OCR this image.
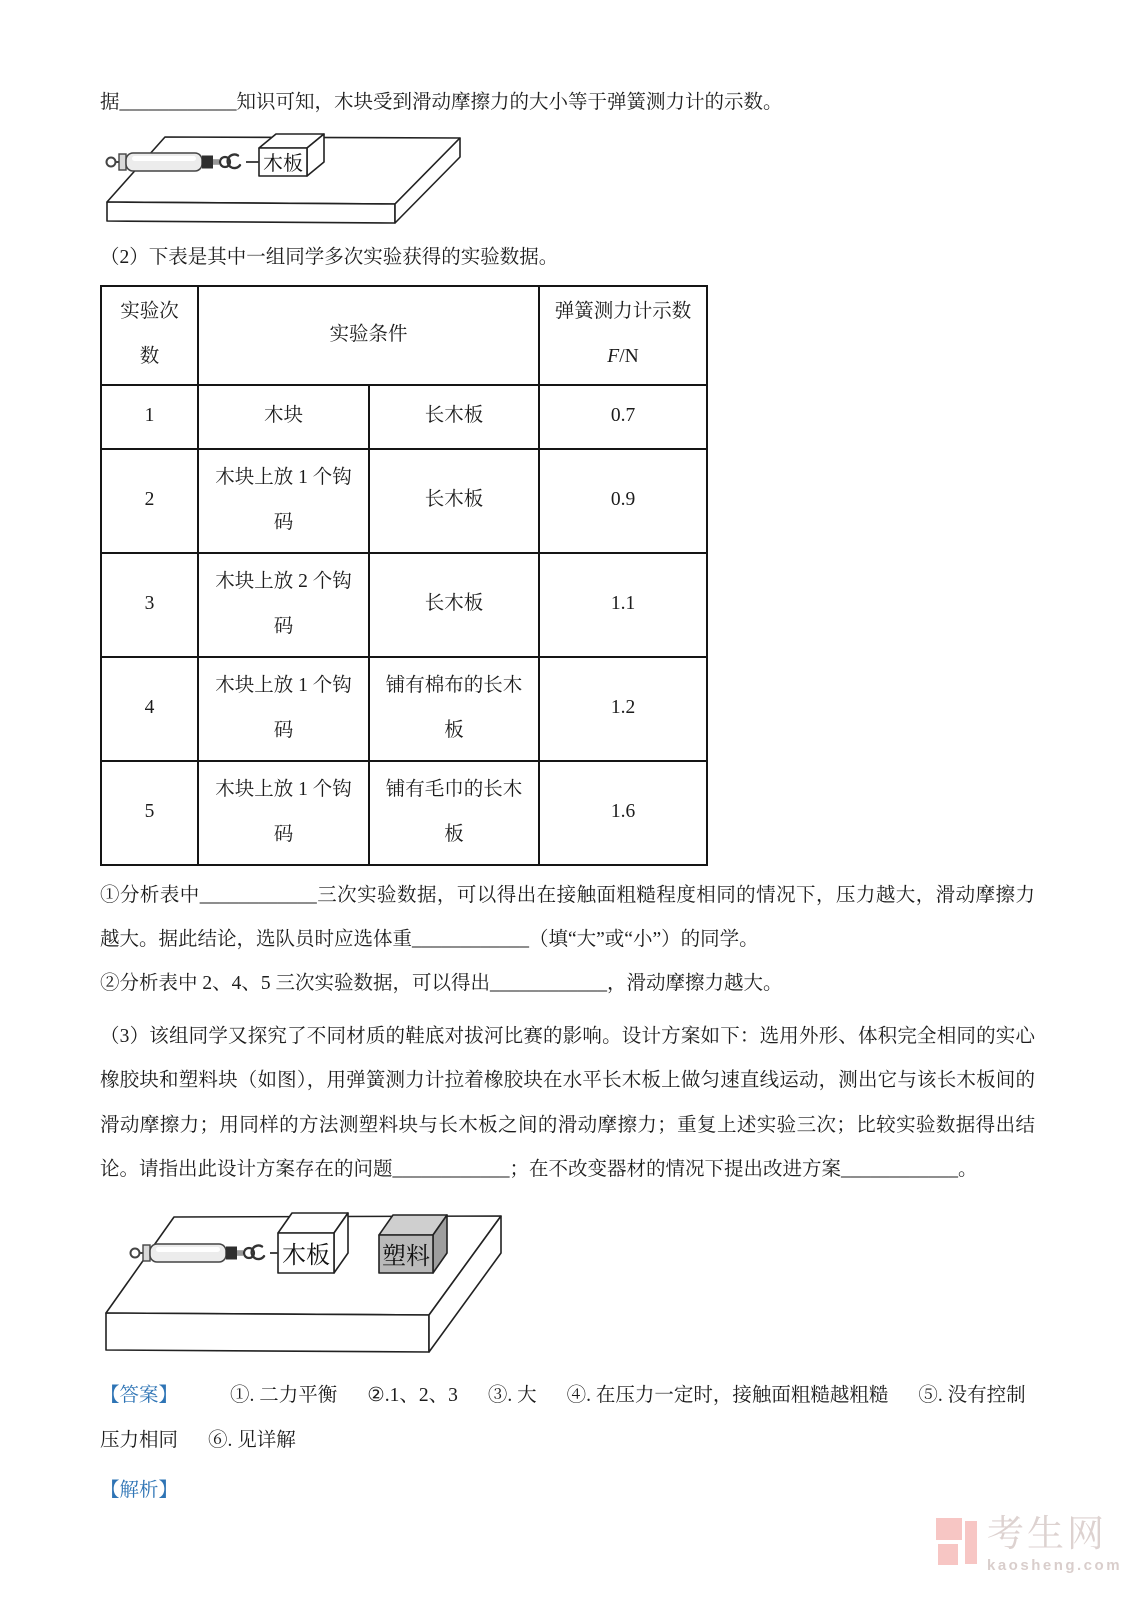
据____________知识可知，木块受到滑动摩擦力的大小等于弹簧测力计的示数。

木板

（2）下表是其中一组同学多次实验获得的实验数据。

实验次数	实验条件		弹簧测力计示数
F/N

1	木块	长木板	0.7
2	木块上放 1 个钩码	长木板	0.9
3	木块上放 2 个钩码	长木板	1.1
4	木块上放 1 个钩码	铺有棉布的长木板	1.2
5	木块上放 1 个钩码	铺有毛巾的长木板	1.6

①分析表中____________三次实验数据，可以得出在接触面粗糙程度相同的情况下，压力越大，滑动摩擦力越大。据此结论，选队员时应选体重____________（填“大”或“小”）的同学。

②分析表中 2、4、5 三次实验数据，可以得出____________，滑动摩擦力越大。

（3）该组同学又探究了不同材质的鞋底对拔河比赛的影响。设计方案如下：选用外形、体积完全相同的实心橡胶块和塑料块（如图），用弹簧测力计拉着橡胶块在水平长木板上做匀速直线运动，测出它与该长木板间的滑动摩擦力；用同样的方法测塑料块与长木板之间的滑动摩擦力；重复上述实验三次；比较实验数据得出结论。请指出此设计方案存在的问题____________；在不改变器材的情况下提出改进方案____________。

木板 塑料

【答案】	①. 二力平衡 ②.1、2、3 ③. 大 ④. 在压力一定时，接触面粗糙越粗糙 ⑤. 没有控制压力相同 ⑥. 见详解

【解析】

考生网
kaosheng.com
